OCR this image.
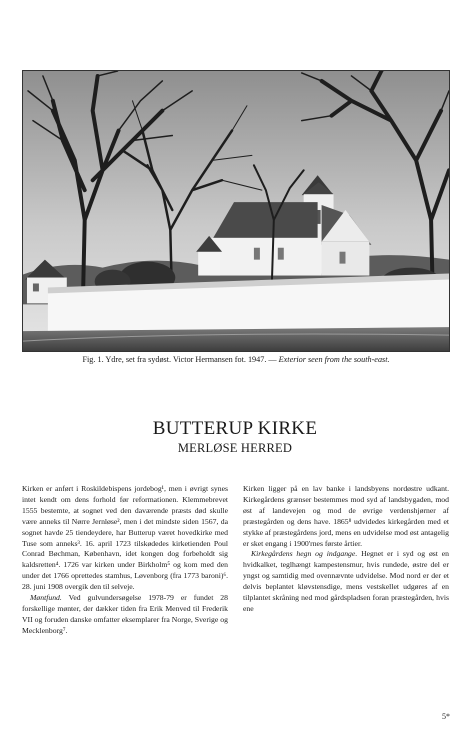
Fig. 1. Ydre, set fra sydøst. Victor Hermansen fot. 1947. — Exterior seen from the south-east.
BUTTERUP KIRKE
MERLØSE HERRED

Kirken er anført i Roskildebispens jordebog¹, men i øvrigt synes intet kendt om dens forhold før reformationen. Klemmebrevet 1555 bestemte, at sognet ved den daværende præsts død skulle være anneks til Nørre Jernløse², men i det mindste siden 1567, da sognet havde 25 tiendeydere, har Butterup været hovedkirke med Tuse som anneks³. 16. april 1723 tilskødedes kirketienden Poul Conrad Bøchman, København, idet kongen dog forbeholdt sig kaldsretten⁴. 1726 var kirken under Birkholm⁵ og kom med den under det 1766 oprettedes stamhus, Løvenborg (fra 1773 baroni)⁶. 28. juni 1908 overgik den til selveje.

Møntfund. Ved gulvundersøgelse 1978-79 er fundet 28 forskellige mønter, der dækker tiden fra Erik Menved til Frederik VII og foruden danske omfatter eksemplarer fra Norge, Sverige og Mecklenborg⁷.

Kirken ligger på en lav banke i landsbyens nordøstre udkant. Kirkegårdens grænser bestemmes mod syd af landsbygaden, mod øst af landevejen og mod de øvrige verdenshjørner af præstegården og dens have. 1865⁸ udvidedes kirkegården med et stykke af præstegårdens jord, mens en udvidelse mod øst antagelig er sket engang i 1900'rnes første årtier.

Kirkegårdens hegn og indgange. Hegnet er i syd og øst en hvidkalket, teglhængt kampestensmur, hvis rundede, østre del er yngst og samtidig med ovennævnte udvidelse. Mod nord er der et delvis beplantet kløvstensdige, mens vestskellet udgøres af en tilplantet skråning ned mod gårdspladsen foran præstegården, hvis ene

5*
